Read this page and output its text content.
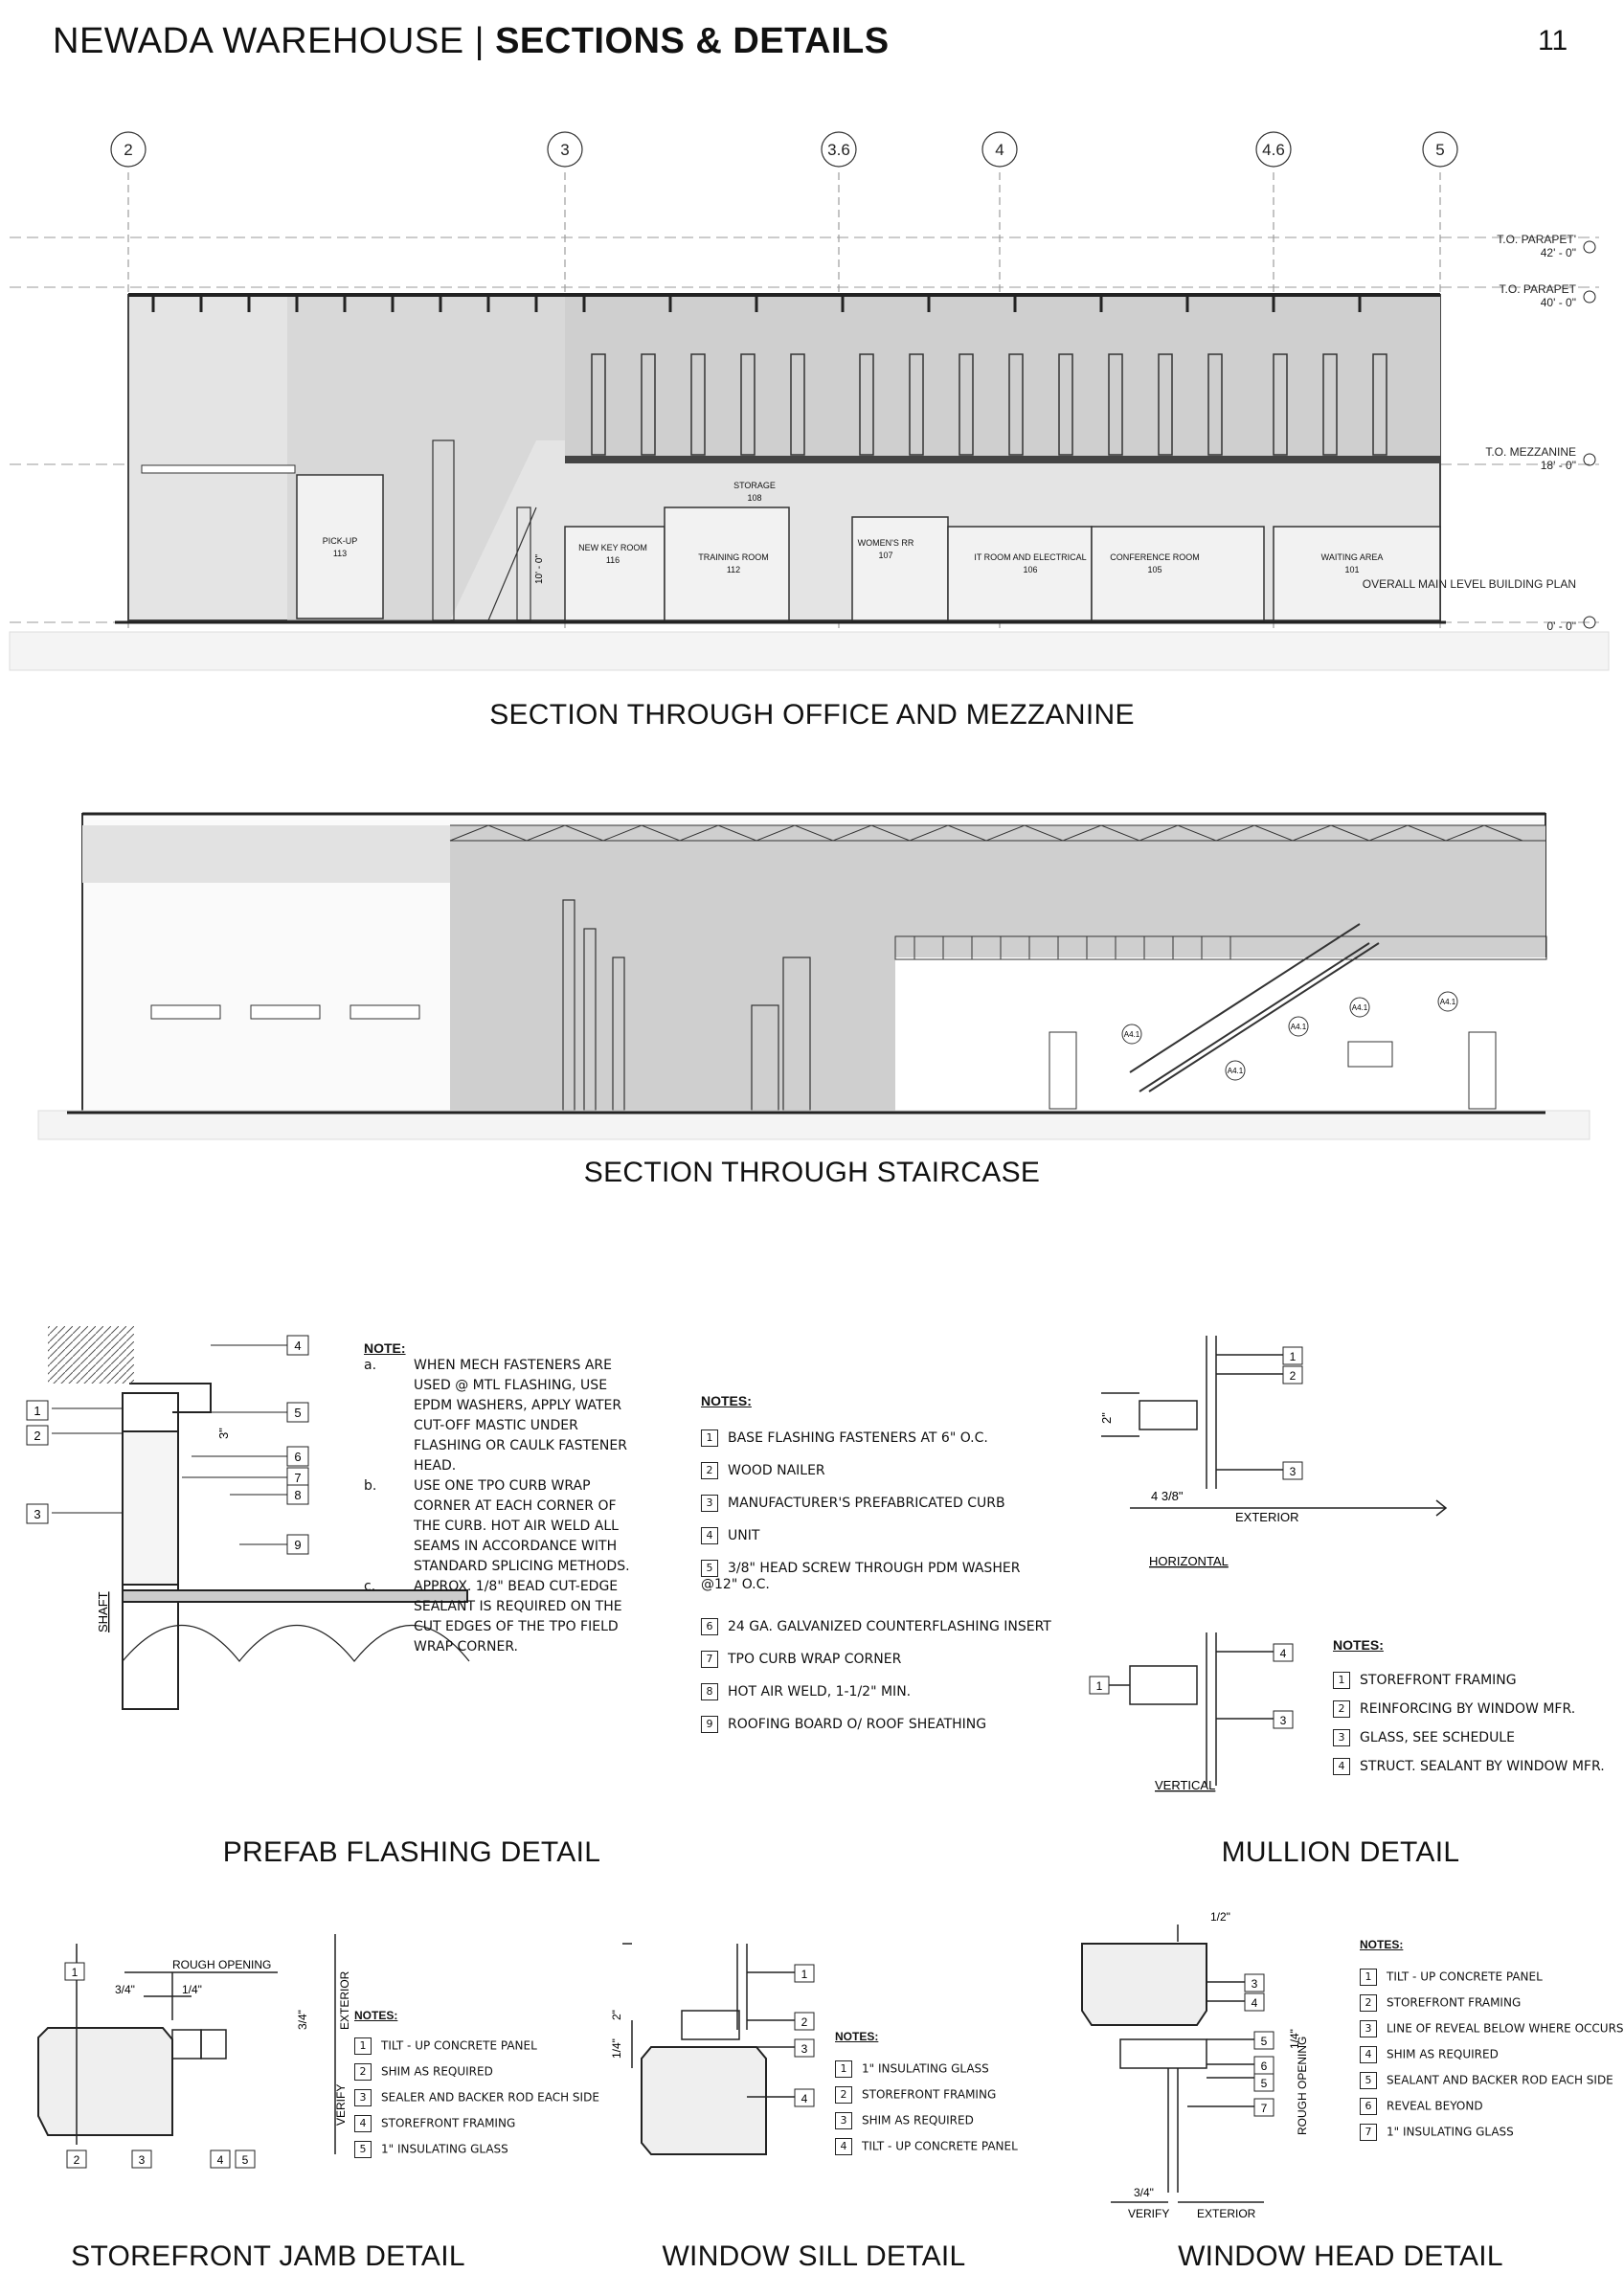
NEWADA WAREHOUSE | SECTIONS & DETAILS	11
2	3	3.6	4	4.6	5
PICK-UP
113
NEW KEY ROOM
116
STORAGE
108
TRAINING ROOM
112
WOMEN'S RR
107	IT ROOM AND ELECTRICAL
106
CONFERENCE ROOM
105
WAITING AREA
101
10' - 0"
T.O. PARAPET'
42' - 0"
T.O. PARAPET
40' - 0"
T.O. MEZZANINE
18' - 0"
OVERALL MAIN LEVEL BUILDING PLAN
0' - 0"
SECTION THROUGH OFFICE AND MEZZANINE
A4.1
A4.1
A4.1
A4.1
A4.1
SECTION THROUGH STAIRCASE
1
2
3
4
5
6
7
8
9
3"
SHAFT
NOTE:
a.	WHEN MECH FASTENERS ARE USED @ MTL FLASHING, USE EPDM WASHERS, APPLY WATER CUT-OFF MASTIC UNDER FLASHING OR CAULK FASTENER HEAD.
b.	USE ONE TPO CURB WRAP CORNER AT EACH CORNER OF THE CURB. HOT AIR WELD ALL SEAMS IN ACCORDANCE WITH STANDARD SPLICING METHODS.
c.	APPROX. 1/8" BEAD CUT-EDGE SEALANT IS REQUIRED ON THE CUT EDGES OF THE TPO FIELD WRAP CORNER.
NOTES:
1 BASE FLASHING FASTENERS AT 6" O.C.
2 WOOD NAILER
3 MANUFACTURER'S PREFABRICATED CURB
4 UNIT
5 3/8" HEAD SCREW THROUGH PDM WASHER @12" O.C.
6 24 GA. GALVANIZED COUNTERFLASHING INSERT
7 TPO CURB WRAP CORNER
8 HOT AIR WELD, 1-1/2" MIN.
9 ROOFING BOARD O/ ROOF SHEATHING
PREFAB FLASHING DETAIL
1
2
3
4
3
1
4 3/8"
EXTERIOR
2"
HORIZONTAL
VERTICAL
NOTES:
1 STOREFRONT FRAMING
2 REINFORCING BY WINDOW MFR.
3 GLASS, SEE SCHEDULE
4 STRUCT. SEALANT BY WINDOW MFR.
MULLION DETAIL
1
2	3	4 5
ROUGH OPENING
3/4"	1/4"
3/4"	EXTERIOR
VERIFY
NOTES:
1 TILT - UP CONCRETE PANEL
2 SHIM AS REQUIRED
3 SEALER AND BACKER ROD EACH SIDE
4 STOREFRONT FRAMING
5 1" INSULATING GLASS
STOREFRONT JAMB DETAIL
1
2
3
4
2"
1/4"
NOTES:
1 1" INSULATING GLASS
2 STOREFRONT FRAMING
3 SHIM AS REQUIRED
4 TILT - UP CONCRETE PANEL
WINDOW SILL DETAIL
3
4
5
6
5
7
1/2"
1/4"
3/4"
ROUGH OPENING
VERIFY EXTERIOR
NOTES:
1 TILT - UP CONCRETE PANEL
2 STOREFRONT FRAMING
3 LINE OF REVEAL BELOW WHERE OCCURS
4 SHIM AS REQUIRED
5 SEALANT AND BACKER ROD EACH SIDE
6 REVEAL BEYOND
7 1" INSULATING GLASS
WINDOW HEAD DETAIL
